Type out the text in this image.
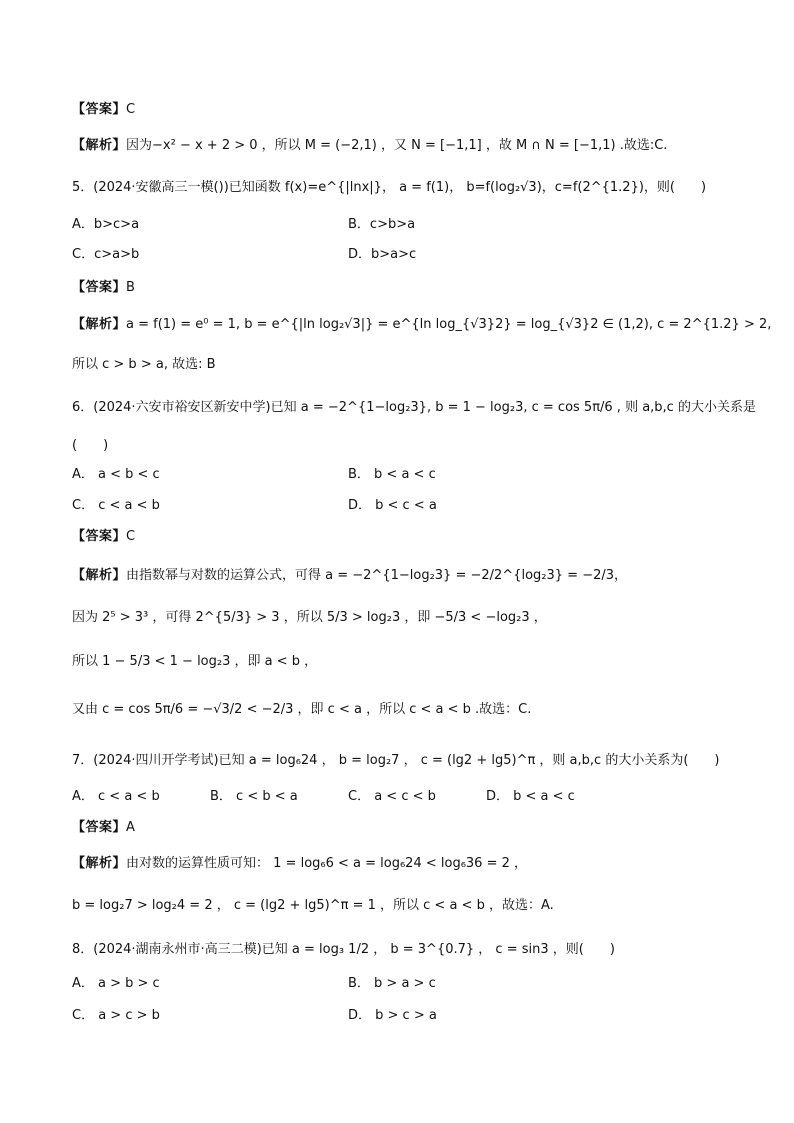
【答案】C
【解析】因为−x² − x + 2 > 0 ，所以 M = (−2,1) ，又 N = [−1,1] ，故 M ∩ N = [−1,1) .故选:C.
5．(2024·安徽高三一模())已知函数 f(x)=e^{|lnx|}， a = f(1)， b=f(log₂√3)，c=f(2^{1.2})，则(　　)
A．b>c>a	B．c>b>a
C．c>a>b	D．b>a>c
【答案】B
【解析】a = f(1) = e⁰ = 1, b = e^{|ln log₂√3|} = e^{ln log_{√3}2} = log_{√3}2 ∈ (1,2), c = 2^{1.2} > 2,
所以 c > b > a, 故选: B
6．(2024·六安市裕安区新安中学)已知 a = −2^{1−log₂3}, b = 1 − log₂3, c = cos 5π/6 , 则 a,b,c 的大小关系是
(　　)
A． a < b < c	B． b < a < c
C． c < a < b	D． b < c < a
【答案】C
【解析】由指数幂与对数的运算公式，可得 a = −2^{1−log₂3} = −2/2^{log₂3} = −2/3，
因为 2⁵ > 3³ ，可得 2^{5/3} > 3 ，所以 5/3 > log₂3 ，即 −5/3 < −log₂3 ，
所以 1 − 5/3 < 1 − log₂3 ，即 a < b ，
又由 c = cos 5π/6 = −√3/2 < −2/3 ，即 c < a ，所以 c < a < b .故选：C.
7．(2024·四川开学考试)已知 a = log₆24 ， b = log₂7 ， c = (lg2 + lg5)^π ，则 a,b,c 的大小关系为(　　)
A． c < a < b	B． c < b < a	C． a < c < b	D． b < a < c
【答案】A
【解析】由对数的运算性质可知： 1 = log₆6 < a = log₆24 < log₆36 = 2 ，
b = log₂7 > log₂4 = 2 ， c = (lg2 + lg5)^π = 1 ，所以 c < a < b ，故选：A.
8．(2024·湖南永州市·高三二模)已知 a = log₃ 1/2 ， b = 3^{0.7} ， c = sin3 ，则(　　)
A． a > b > c	B． b > a > c
C． a > c > b	D． b > c > a
